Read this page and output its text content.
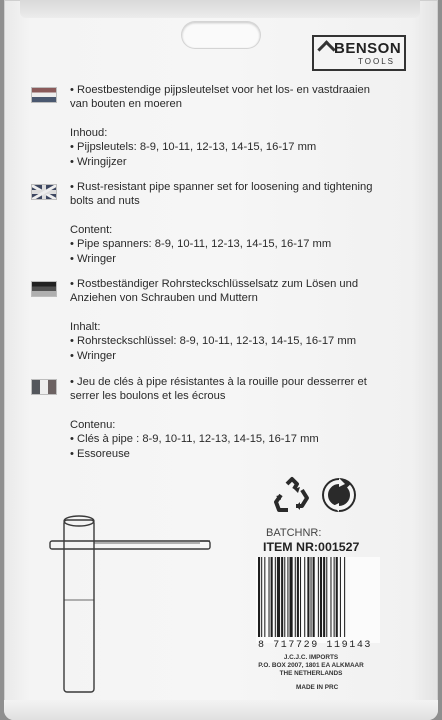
BENSON
TOOLS

• Roestbestendige pijpsleutelset voor het los- en vastdraaien

van bouten en moeren

Inhoud:

• Pijpsleutels: 8-9, 10-11, 12-13, 14-15, 16-17 mm

• Wringijzer

• Rust-resistant pipe spanner set for loosening and tightening

bolts and nuts

Content:

• Pipe spanners: 8-9, 10-11, 12-13, 14-15, 16-17 mm

• Wringer

• Rostbeständiger Rohrsteckschlüsselsatz zum Lösen und

Anziehen von Schrauben und Muttern

Inhalt:

• Rohrsteckschlüssel: 8-9, 10-11, 12-13, 14-15, 16-17 mm

• Wringer

• Jeu de clés à pipe résistantes à la rouille pour desserrer et

serrer les boulons et les écrous

Contenu:

• Clés à pipe : 8-9, 10-11, 12-13, 14-15, 16-17 mm

• Essoreuse

BATCHNR:
ITEM NR:001527
8 717729 119143
J.C.J.C. IMPORTS
P.O. BOX 2007, 1801 EA ALKMAAR
THE NETHERLANDS
MADE IN PRC
